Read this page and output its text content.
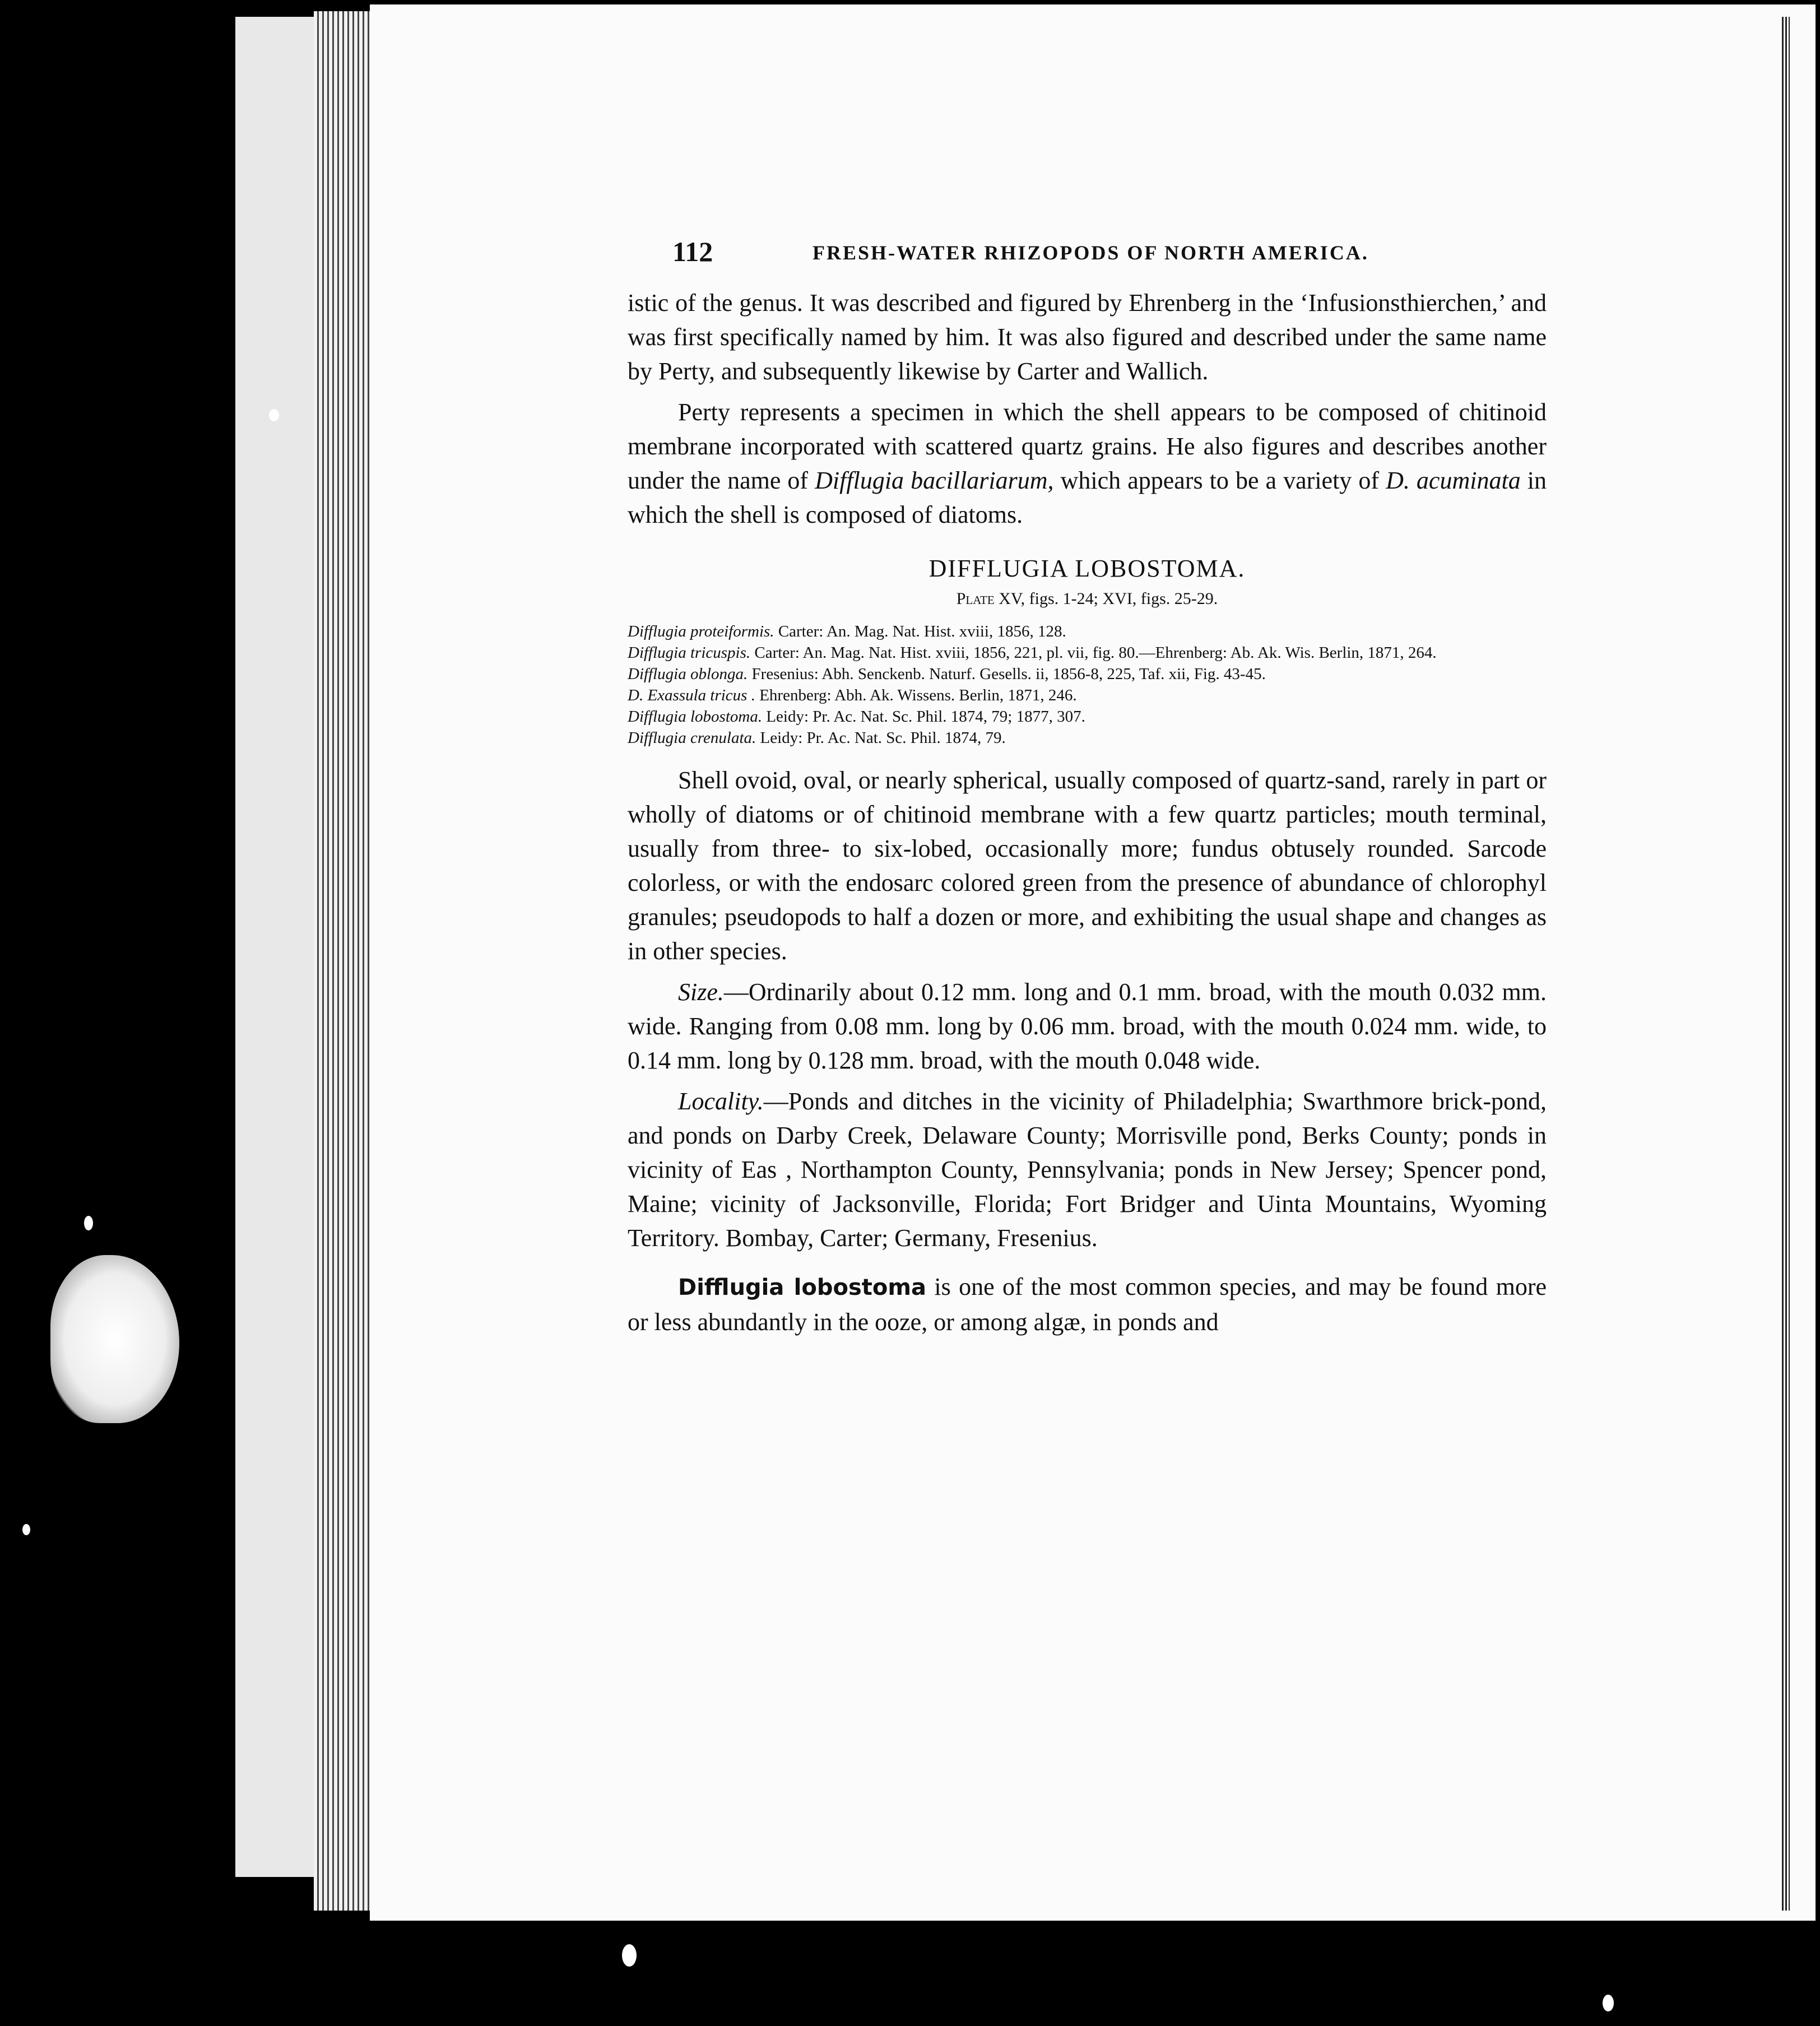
112	FRESH-WATER RHIZOPODS OF NORTH AMERICA.

istic of the genus. It was described and figured by Ehrenberg in the ‘Infusionsthierchen,’ and was first specifically named by him. It was also figured and described under the same name by Perty, and subsequently likewise by Carter and Wallich.

Perty represents a specimen in which the shell appears to be composed of chitinoid membrane incorporated with scattered quartz grains. He also figures and describes another under the name of Difflugia bacillariarum, which appears to be a variety of D. acuminata in which the shell is composed of diatoms.

DIFFLUGIA LOBOSTOMA.
Plate XV, figs. 1-24; XVI, figs. 25-29.
Difflugia proteiformis. Carter: An. Mag. Nat. Hist. xviii, 1856, 128.
Difflugia tricuspis. Carter: An. Mag. Nat. Hist. xviii, 1856, 221, pl. vii, fig. 80.—Ehrenberg: Ab. Ak. Wis. Berlin, 1871, 264.
Difflugia oblonga. Fresenius: Abh. Senckenb. Naturf. Gesells. ii, 1856-8, 225, Taf. xii, Fig. 43-45.
D. Exassula tricus . Ehrenberg: Abh. Ak. Wissens. Berlin, 1871, 246.
Difflugia lobostoma. Leidy: Pr. Ac. Nat. Sc. Phil. 1874, 79; 1877, 307.
Difflugia crenulata. Leidy: Pr. Ac. Nat. Sc. Phil. 1874, 79.

Shell ovoid, oval, or nearly spherical, usually composed of quartz-sand, rarely in part or wholly of diatoms or of chitinoid membrane with a few quartz particles; mouth terminal, usually from three- to six-lobed, occasionally more; fundus obtusely rounded. Sarcode colorless, or with the endosarc colored green from the presence of abundance of chlorophyl granules; pseudopods to half a dozen or more, and exhibiting the usual shape and changes as in other species.

Size.—Ordinarily about 0.12 mm. long and 0.1 mm. broad, with the mouth 0.032 mm. wide. Ranging from 0.08 mm. long by 0.06 mm. broad, with the mouth 0.024 mm. wide, to 0.14 mm. long by 0.128 mm. broad, with the mouth 0.048 wide.

Locality.—Ponds and ditches in the vicinity of Philadelphia; Swarthmore brick-pond, and ponds on Darby Creek, Delaware County; Morrisville pond, Berks County; ponds in vicinity of Eas , Northampton County, Pennsylvania; ponds in New Jersey; Spencer pond, Maine; vicinity of Jacksonville, Florida; Fort Bridger and Uinta Mountains, Wyoming Territory. Bombay, Carter; Germany, Fresenius.

Difflugia lobostoma is one of the most common species, and may be found more or less abundantly in the ooze, or among algæ, in ponds and
